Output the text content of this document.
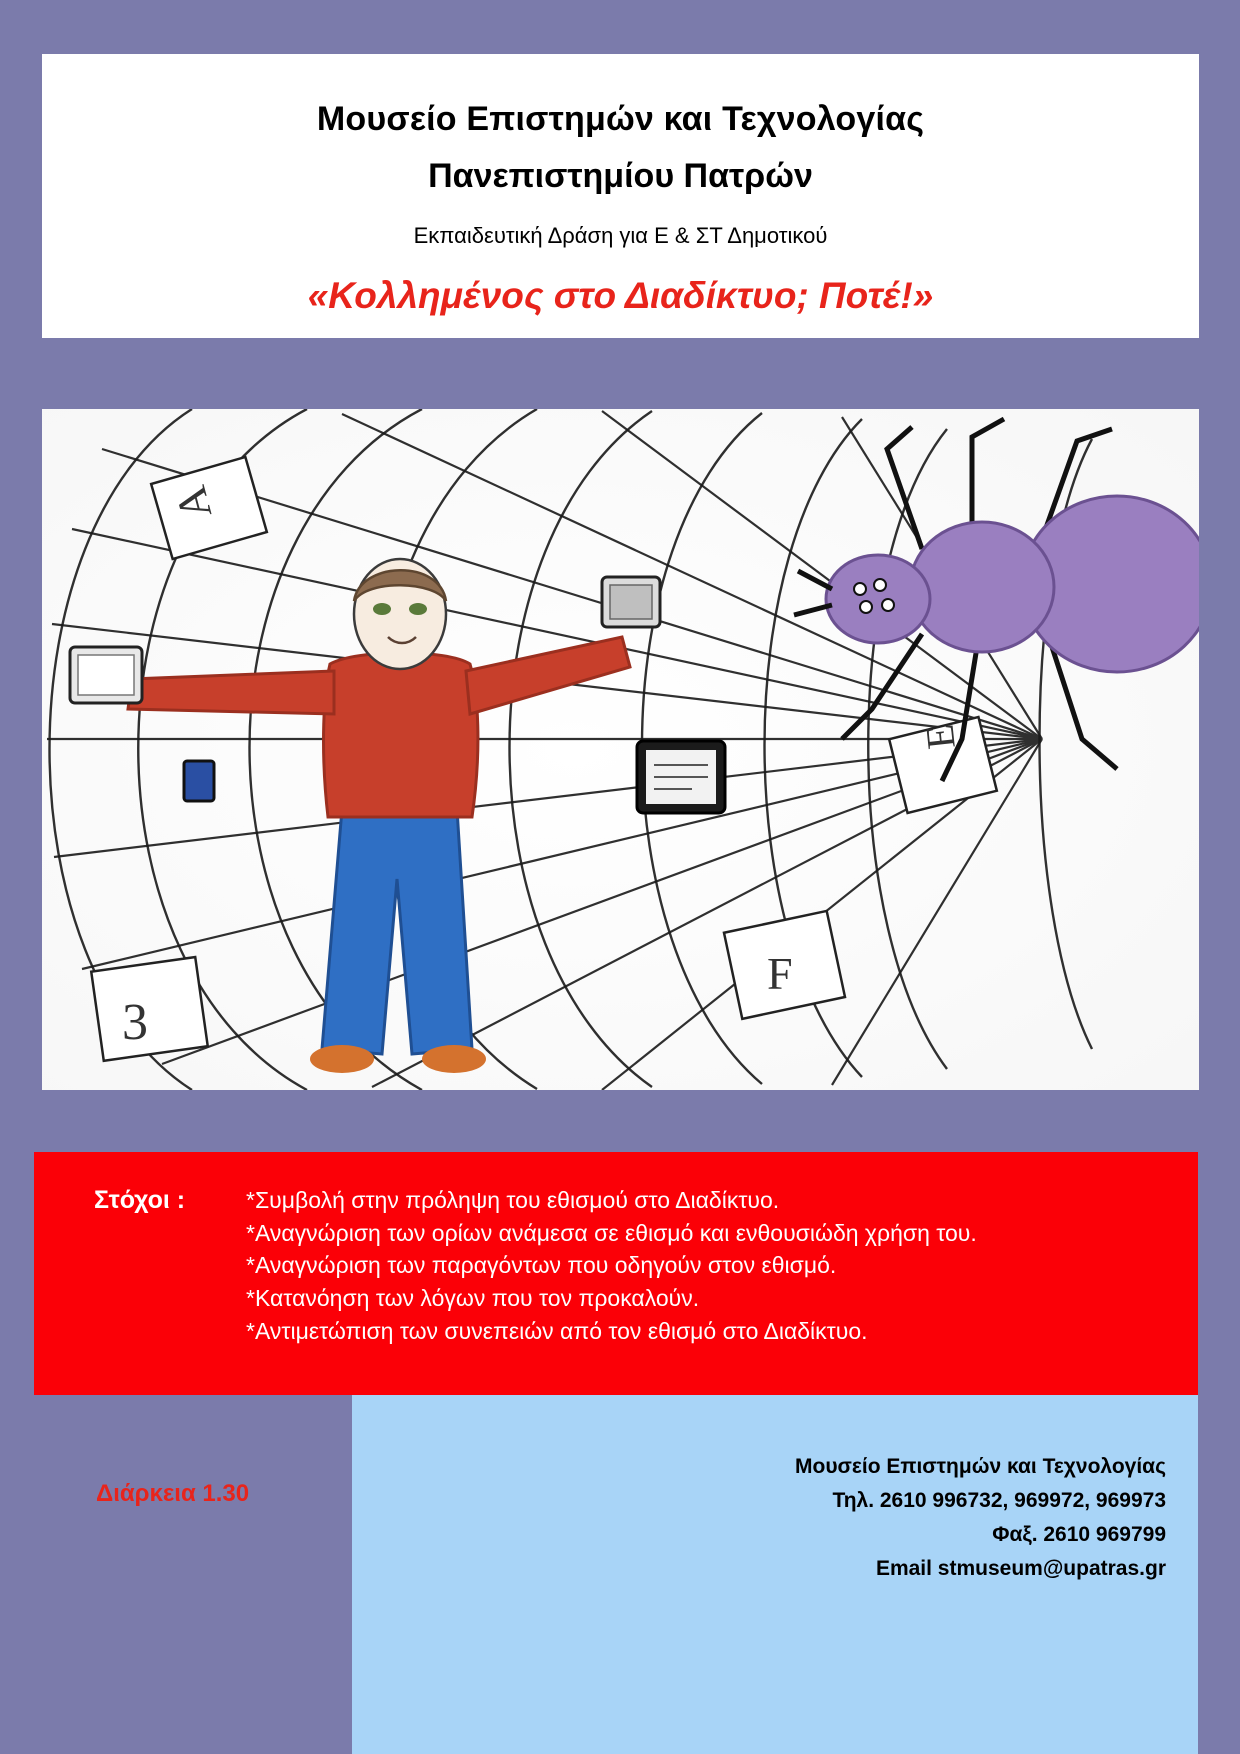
Μουσείο Επιστημών και Τεχνολογίας
Πανεπιστημίου Πατρών
Εκπαιδευτική Δράση για Ε & ΣΤ Δημοτικού
«Κολλημένος στο Διαδίκτυο; Ποτέ!»
A
E
F
3
Στόχοι :	*Συμβολή στην πρόληψη του εθισμού στο Διαδίκτυο.
*Αναγνώριση των ορίων ανάμεσα σε εθισμό και ενθουσιώδη χρήση του.
*Αναγνώριση των παραγόντων που οδηγούν στον εθισμό.
*Κατανόηση των λόγων που τον προκαλούν.
*Αντιμετώπιση των συνεπειών από τον εθισμό στο Διαδίκτυο.
Μουσείο Επιστημών και Τεχνολογίας
Τηλ. 2610 996732, 969972, 969973
Φαξ. 2610 969799
Email stmuseum@upatras.gr
Διάρκεια 1.30
